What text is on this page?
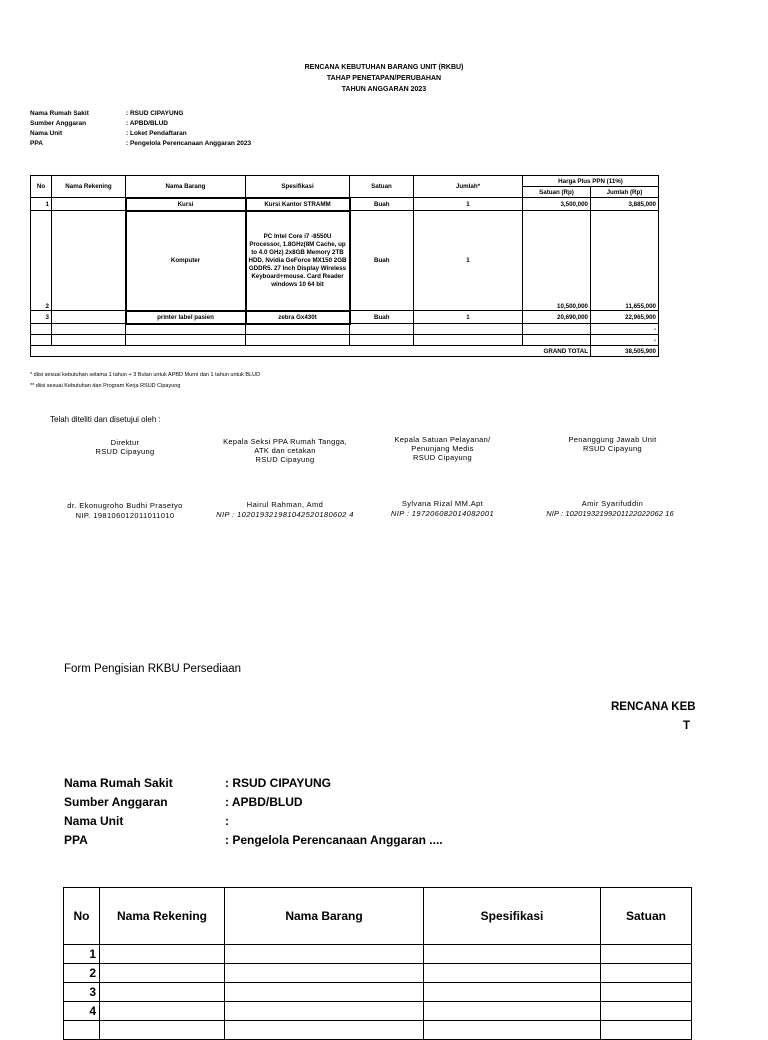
RENCANA KEBUTUHAN BARANG UNIT (RKBU)
TAHAP PENETAPAN/PERUBAHAN
TAHUN ANGGARAN 2023
Nama Rumah Sakit	: RSUD CIPAYUNG
Sumber Anggaran	: APBD/BLUD
Nama Unit	: Loket Pendaftaran
PPA	: Pengelola Perencanaan Anggaran 2023
No	Nama Rekening	Nama Barang	Spesifikasi	Satuan	Jumlah*	Harga Plus PPN (11%)	
						Satuan (Rp)	Jumlah (Rp)
1		Kursi	Kursi Kantor STRAMM	Buah	1	3,500,000	3,885,000
2		Komputer	PC Intel Core i7 -8550U Processor, 1.8GHz(8M Cache, up to 4.0 GHz) 2x8GB Memory 2TB HDD. Nvidia GeForce MX150 2GB GDDR5. 27 Inch Display Wireless Keyboard+mouse. Card Reader windows 10 64 bit	Buah	1	10,500,000	11,655,000
3		printer label pasien	zebra Gx430t	Buah	1	20,690,000	22,965,900
							-
							-
						GRAND TOTAL	38,505,900
* diisi sesuai kebutuhan selama 1 tahun + 3 Bulan untuk APBD Murni dan 1 tahun untuk BLUD
** diisi sesuai Kebutuhan dan Program Kerja RSUD Cipayung
Telah diteliti dan disetujui oleh :
Direktur
RSUD Cipayung
dr. Ekonugroho Budhi Prasetyo
NIP. 198106012011011010
Kepala Seksi PPA Rumah Tangga,
ATK dan cetakan
RSUD Cipayung
Hairul Rahman, Amd
NIP : 102019321981042520180602 4
Kepala Satuan Pelayanan/
Penunjang Medis
RSUD Cipayung
Sylvana Rizal MM.Apt
NIP : 197206082014082001
Penanggung Jawab Unit
RSUD Cipayung
Amir Syarifuddin
NIP : 10201932199201122022062 16
Form Pengisian RKBU Persediaan
RENCANA KEB
T
Nama Rumah Sakit	: RSUD CIPAYUNG
Sumber Anggaran	: APBD/BLUD
Nama Unit	:
PPA	: Pengelola Perencanaan Anggaran ....
No	Nama Rekening	Nama Barang	Spesifikasi	Satuan
1				
2				
3				
4				
